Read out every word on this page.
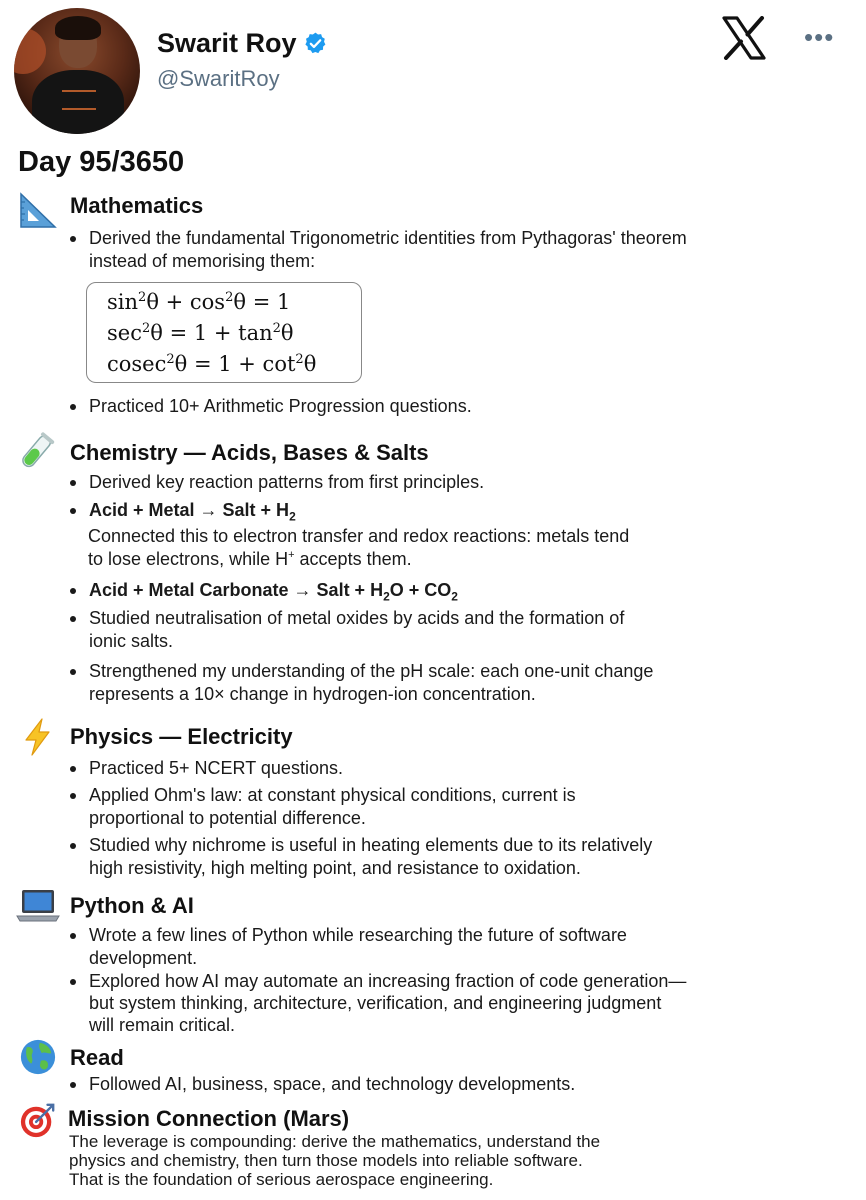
Swarit Roy
@SwaritRoy
•••
Day 95/3650
Mathematics
Derived the fundamental Trigonometric identities from Pythagoras' theorem
instead of memorising them:
$\sin^2\theta + \cos^2\theta = 1$
$\sec^2\theta = 1 + \tan^2\theta$
$cosec^2\theta = 1 + \cot^2\theta$
Practiced 10+ Arithmetic Progression questions.
Chemistry — Acids, Bases & Salts
Derived key reaction patterns from first principles.
Acid + Metal → Salt + $H_2$
Connected this to electron transfer and redox reactions: metals tend
to lose electrons, while H+ accepts them.
Acid + Metal Carbonate → Salt + $H_2O + CO_2$
Studied neutralisation of metal oxides by acids and the formation of
ionic salts.
Strengthened my understanding of the pH scale: each one-unit change
represents a 10× change in hydrogen-ion concentration.
Physics — Electricity
Practiced 5+ NCERT questions.
Applied Ohm's law: at constant physical conditions, current is
proportional to potential difference.
Studied why nichrome is useful in heating elements due to its relatively
high resistivity, high melting point, and resistance to oxidation.
Python & AI
Wrote a few lines of Python while researching the future of software
development.
Explored how AI may automate an increasing fraction of code generation—
but system thinking, architecture, verification, and engineering judgment
will remain critical.
Read
Followed AI, business, space, and technology developments.
Mission Connection (Mars)
The leverage is compounding: derive the mathematics, understand the
physics and chemistry, then turn those models into reliable software.
That is the foundation of serious aerospace engineering.
